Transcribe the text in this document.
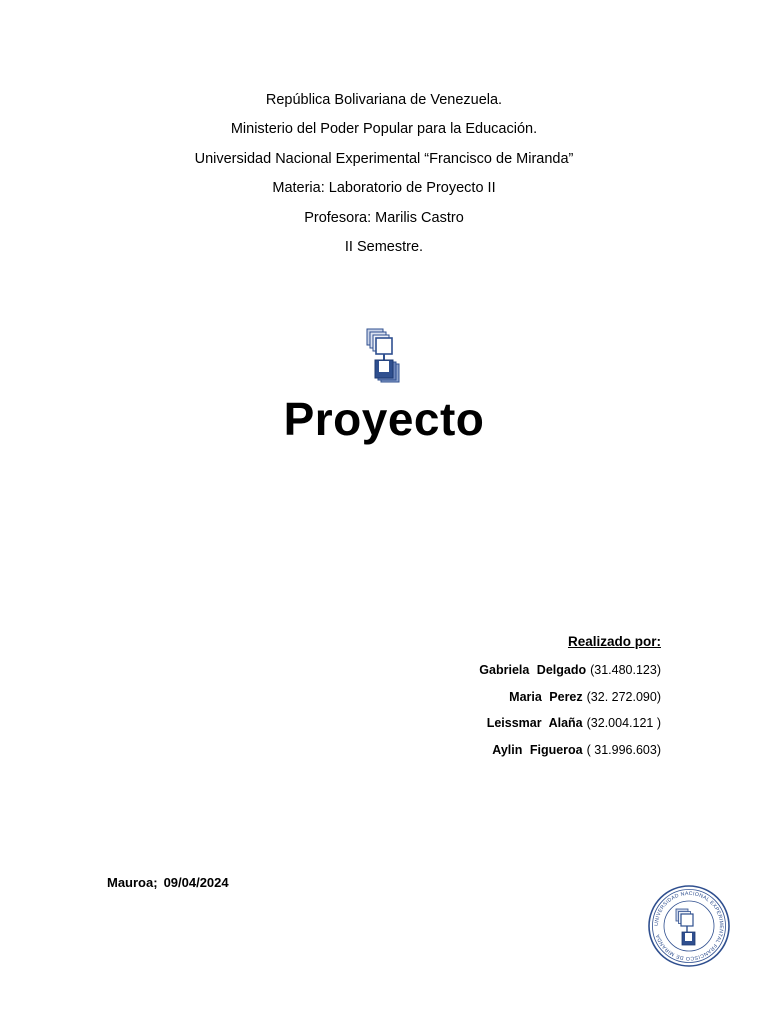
República Bolivariana de Venezuela.
Ministerio del Poder Popular para la Educación.
Universidad Nacional Experimental “Francisco de Miranda”
Materia: Laboratorio de Proyecto II
Profesora: Marilis Castro
II Semestre.
Proyecto
Realizado por:
Gabriela Delgado (31.480.123)
Maria Perez (32. 272.090)
Leissmar Alaña (32.004.121 )
Aylin Figueroa ( 31.996.603)
Mauroa; 09/04/2024
UNIVERSIDAD NACIONAL EXPERIMENTAL FRANCISCO DE MIRANDA
